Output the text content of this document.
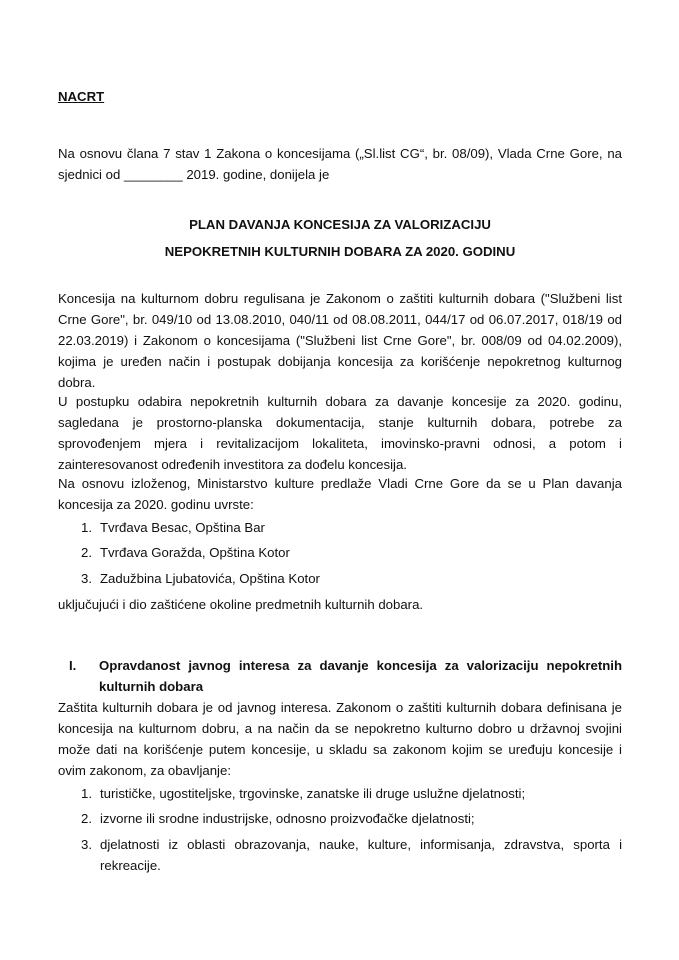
NACRT
Na osnovu člana 7 stav 1 Zakona o koncesijama („Sl.list CG“, br. 08/09), Vlada Crne Gore, na sjednici od ________ 2019. godine, donijela je
PLAN DAVANJA KONCESIJA ZA VALORIZACIJU
NEPOKRETNIH KULTURNIH DOBARA ZA 2020. GODINU
Koncesija na kulturnom dobru regulisana je Zakonom o zaštiti kulturnih dobara ("Službeni list Crne Gore", br. 049/10 od 13.08.2010, 040/11 od 08.08.2011, 044/17 od 06.07.2017, 018/19 od 22.03.2019) i Zakonom o koncesijama ("Službeni list Crne Gore", br. 008/09 od 04.02.2009), kojima je uređen način i postupak dobijanja koncesija za korišćenje nepokretnog kulturnog dobra.
U postupku odabira nepokretnih kulturnih dobara za davanje koncesije za 2020. godinu, sagledana je prostorno-planska dokumentacija, stanje kulturnih dobara, potrebe za sprovođenjem mjera i revitalizacijom lokaliteta, imovinsko-pravni odnosi, a potom i zainteresovanost određenih investitora za dođelu koncesija.
Na osnovu izloženog, Ministarstvo kulture predlaže Vladi Crne Gore da se u Plan davanja koncesija za 2020. godinu uvrste:
1. Tvrđava Besac, Opština Bar
2. Tvrđava Goražda, Opština Kotor
3. Zadužbina Ljubatovića, Opština Kotor
uključujući i dio zaštićene okoline predmetnih kulturnih dobara.
I. Opravdanost javnog interesa za davanje koncesija za valorizaciju nepokretnih kulturnih dobara
Zaštita kulturnih dobara je od javnog interesa. Zakonom o zaštiti kulturnih dobara definisana je koncesija na kulturnom dobru, a na način da se nepokretno kulturno dobro u državnoj svojini može dati na korišćenje putem koncesije, u skladu sa zakonom kojim se uređuju koncesije i ovim zakonom, za obavljanje:
1. turističke, ugostiteljske, trgovinske, zanatske ili druge uslužne djelatnosti;
2. izvorne ili srodne industrijske, odnosno proizvođačke djelatnosti;
3. djelatnosti iz oblasti obrazovanja, nauke, kulture, informisanja, zdravstva, sporta i rekreacije.
